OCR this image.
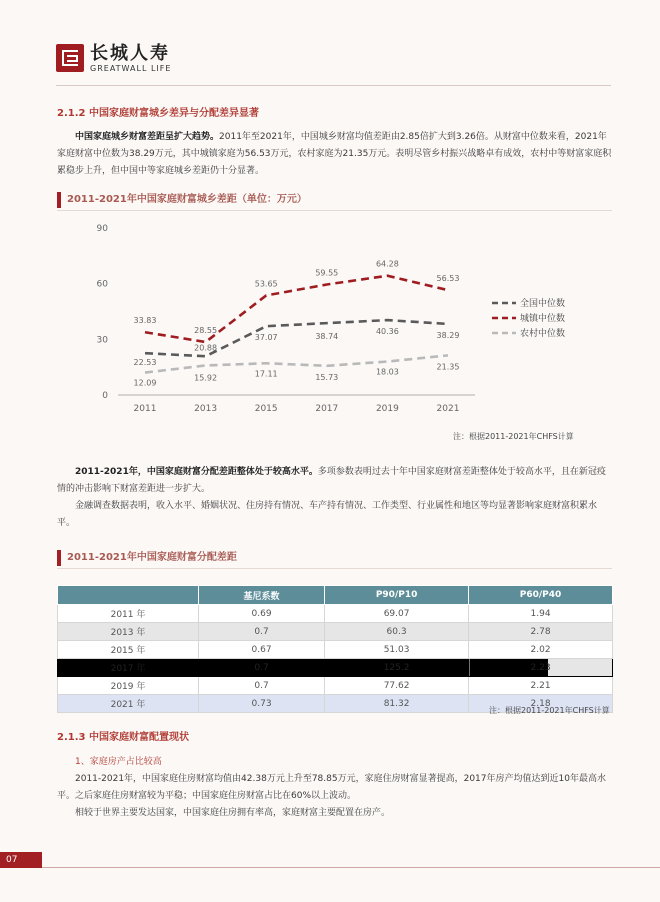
长城人寿
GREATWALL LIFE
2.1.2 中国家庭财富城乡差异与分配差异显著
中国家庭城乡财富差距呈扩大趋势。2011年至2021年，中国城乡财富均值差距由2.85倍扩大到3.26倍。从财富中位数来看，2021年家庭财富中位数为38.29万元，其中城镇家庭为56.53万元，农村家庭为21.35万元。表明尽管乡村振兴战略卓有成效，农村中等财富家庭积累稳步上升，但中国中等家庭城乡差距仍十分显著。
2011-2021年中国家庭财富城乡差距（单位：万元）
0
30
60
90
2011	2013	2015	2017	2019	2021
22.53
20.88
37.07	38.74
40.36	38.29
33.83
28.55
53.65
59.55
64.28
56.53
12.09
15.92	17.11	15.73
18.03
21.35
全国中位数
城镇中位数
农村中位数
注：根据2011-2021年CHFS计算
2011-2021年，中国家庭财富分配差距整体处于较高水平。多项参数表明过去十年中国家庭财富差距整体处于较高水平，且在新冠疫情的冲击影响下财富差距进一步扩大。
金融调查数据表明，收入水平、婚姻状况、住房持有情况、车产持有情况、工作类型、行业属性和地区等均显著影响家庭财富积累水平。
2011-2021年中国家庭财富分配差距
	基尼系数	P90/P10	P60/P40
2011 年	0.69	69.07	1.94
2013 年	0.7	60.3	2.78
2015 年	0.67	51.03	2.02
2017 年	0.7	125.2	2.23
2019 年	0.7	77.62	2.21
2021 年	0.73	81.32	2.18
注：根据2011-2021年CHFS计算
2.1.3 中国家庭财富配置现状
1、家庭房产占比较高
2011-2021年，中国家庭住房财富均值由42.38万元上升至78.85万元，家庭住房财富显著提高，2017年房产均值达到近10年最高水平。之后家庭住房财富较为平稳；中国家庭住房财富占比在60%以上波动。
相较于世界主要发达国家，中国家庭住房拥有率高，家庭财富主要配置在房产。
07
